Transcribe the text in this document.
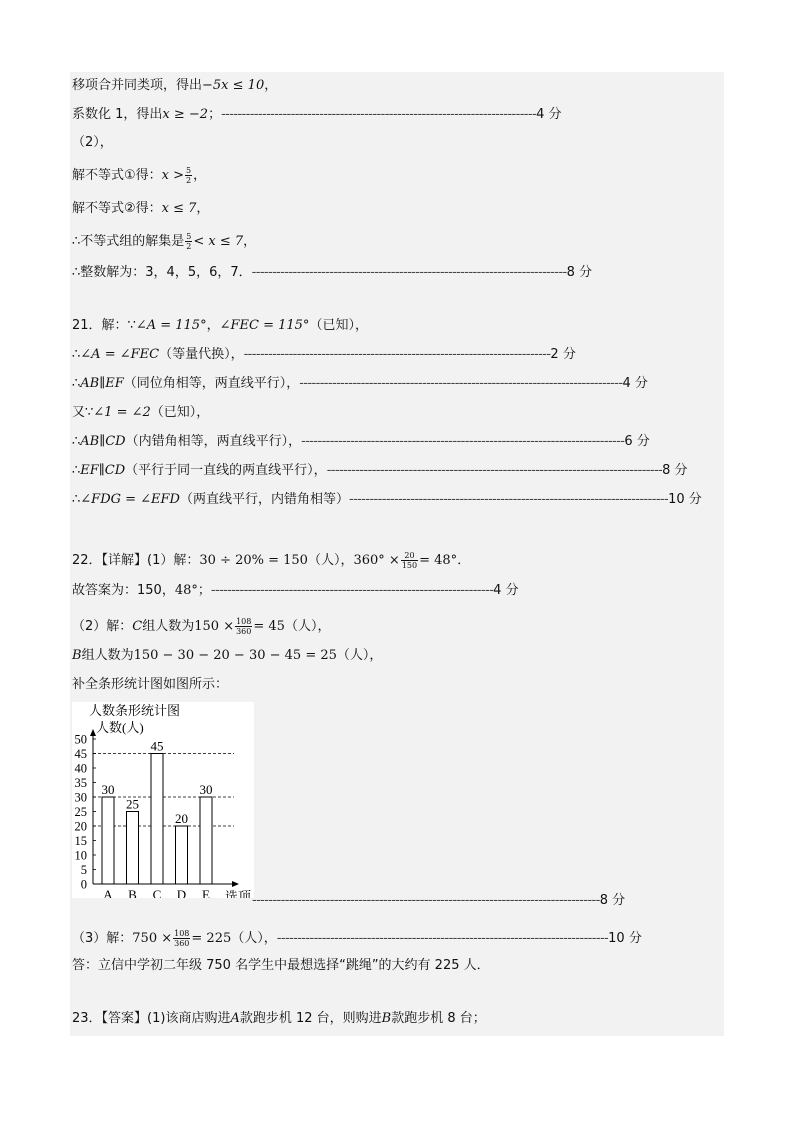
移项合并同类项，得出−5x ≤ 10，
系数化 1，得出x ≥ −2；-----------------------------------------------------------------------------4 分
（2），
解不等式①得：$x > \frac{5}{2}$ ，
解不等式②得：x ≤ 7，
∴不等式组的解集是 $\frac{5}{2} < x \le 7$，
∴整数解为：3，4，5，6，7．-----------------------------------------------------------------------------8 分
21．解：∵∠A = 115°，∠FEC = 115°（已知），
∴∠A = ∠FEC（等量代换），---------------------------------------------------------------------------2 分
∴AB∥EF（同位角相等，两直线平行），-------------------------------------------------------------------------------4 分
又∵∠1 = ∠2（已知），
∴AB∥CD（内错角相等，两直线平行），-------------------------------------------------------------------------------6 分
∴EF∥CD（平行于同一直线的两直线平行），----------------------------------------------------------------------------------8 分
∴∠FDG = ∠EFD（两直线平行，内错角相等）------------------------------------------------------------------------------10 分
22．【详解】(1）解：30 ÷ 20% = 150（人），$360^\circ \times \frac{20}{150} = 48^\circ$．
故答案为：150，48°；---------------------------------------------------------------------4 分
（2）解：C组人数为$150 \times \frac{108}{360} = 45$（人），
B组人数为150 − 30 − 20 − 30 − 45 = 25（人），
补全条形统计图如图所示：
人数条形统计图
人数(人)
选项
0
5
10
15
20
25
30
35
40
45
50
30
A
25
B
45
C
20
D
30
E	-------------------------------------------------------------------------------------8 分
（3）解：$750 \times \frac{108}{360} = 225$（人），---------------------------------------------------------------------------------10 分
答：立信中学初二年级 750 名学生中最想选择“跳绳”的大约有 225 人．
23．【答案】(1)该商店购进A款跑步机 12 台，则购进B款跑步机 8 台；
